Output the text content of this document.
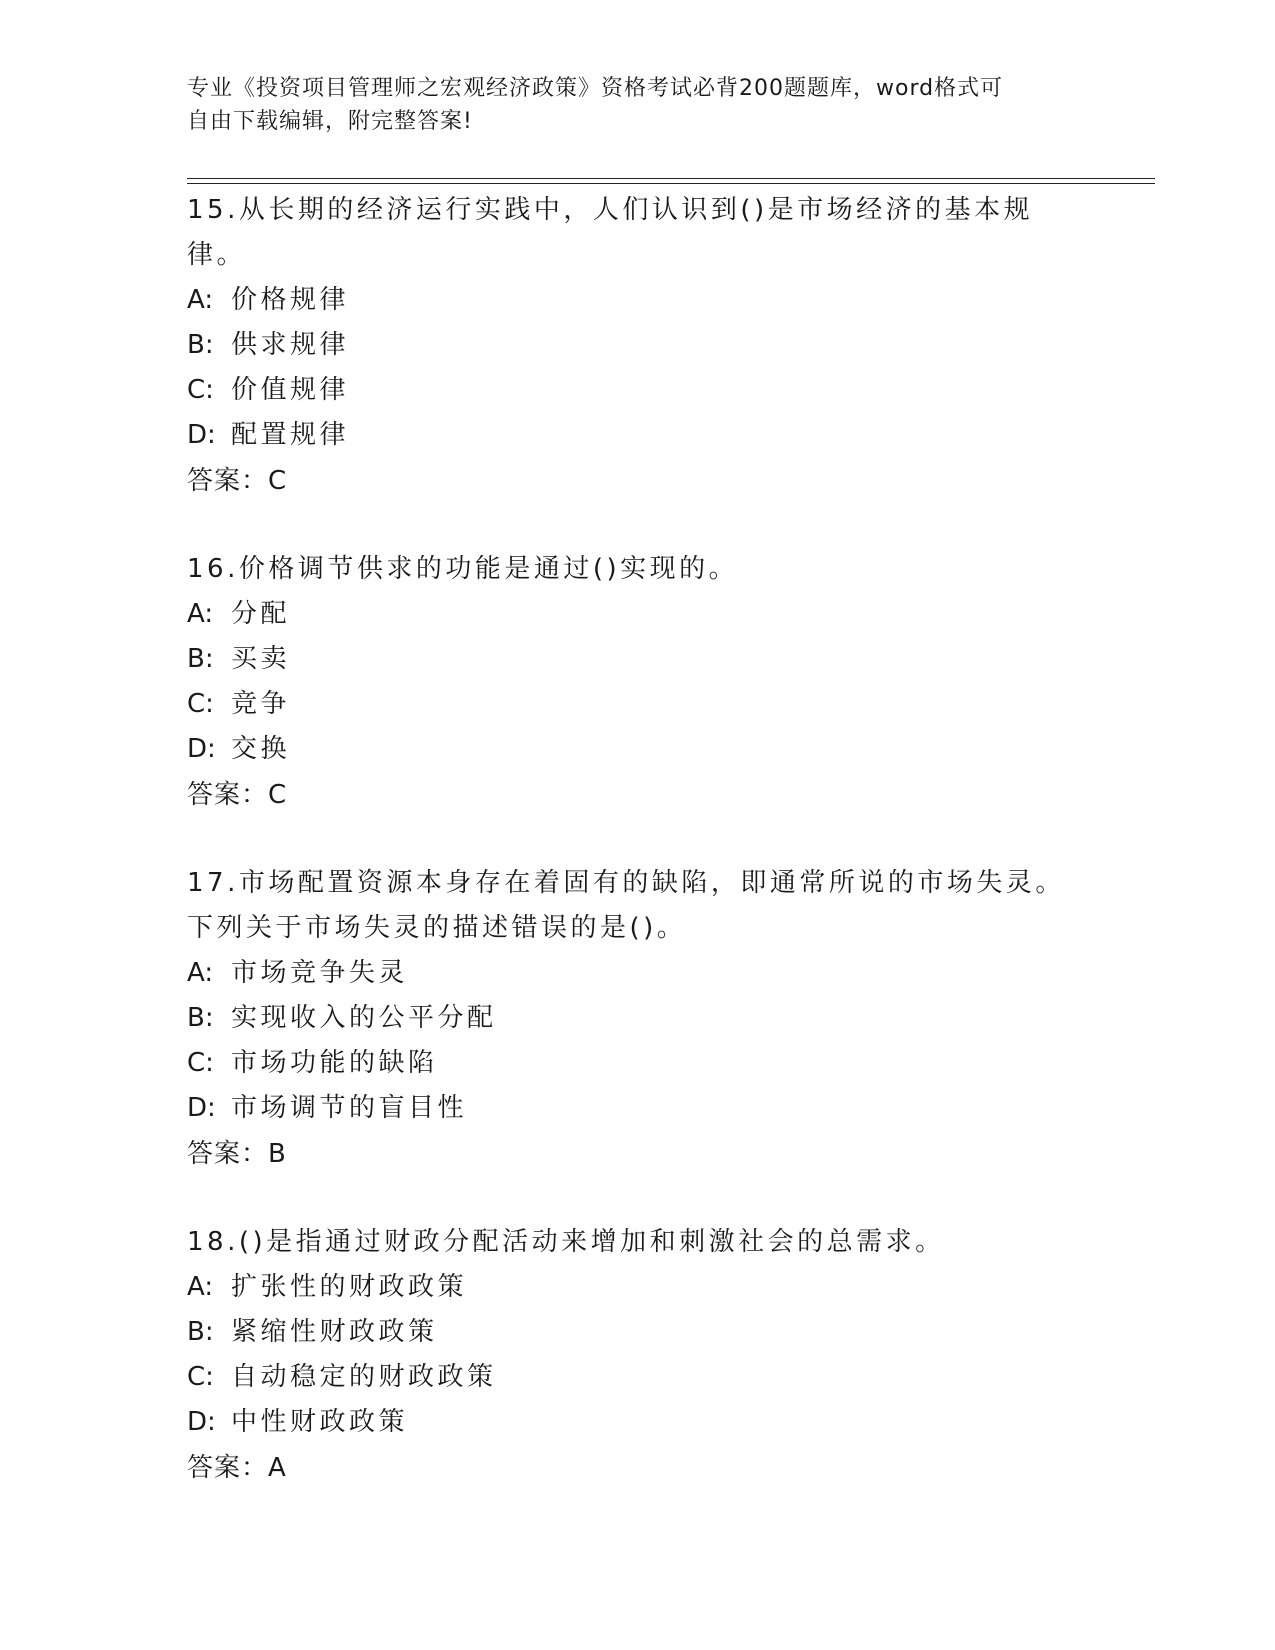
专业《投资项目管理师之宏观经济政策》资格考试必背200题题库，word格式可
自由下载编辑，附完整答案!
15.从长期的经济运行实践中，人们认识到()是市场经济的基本规律。
A: 价格规律
B: 供求规律
C: 价值规律
D: 配置规律
答案：C
16.价格调节供求的功能是通过()实现的。
A: 分配
B: 买卖
C: 竞争
D: 交换
答案：C
17.市场配置资源本身存在着固有的缺陷，即通常所说的市场失灵。下列关于市场失灵的描述错误的是()。
A: 市场竞争失灵
B: 实现收入的公平分配
C: 市场功能的缺陷
D: 市场调节的盲目性
答案：B
18.()是指通过财政分配活动来增加和刺激社会的总需求。
A: 扩张性的财政政策
B: 紧缩性财政政策
C: 自动稳定的财政政策
D: 中性财政政策
答案：A
